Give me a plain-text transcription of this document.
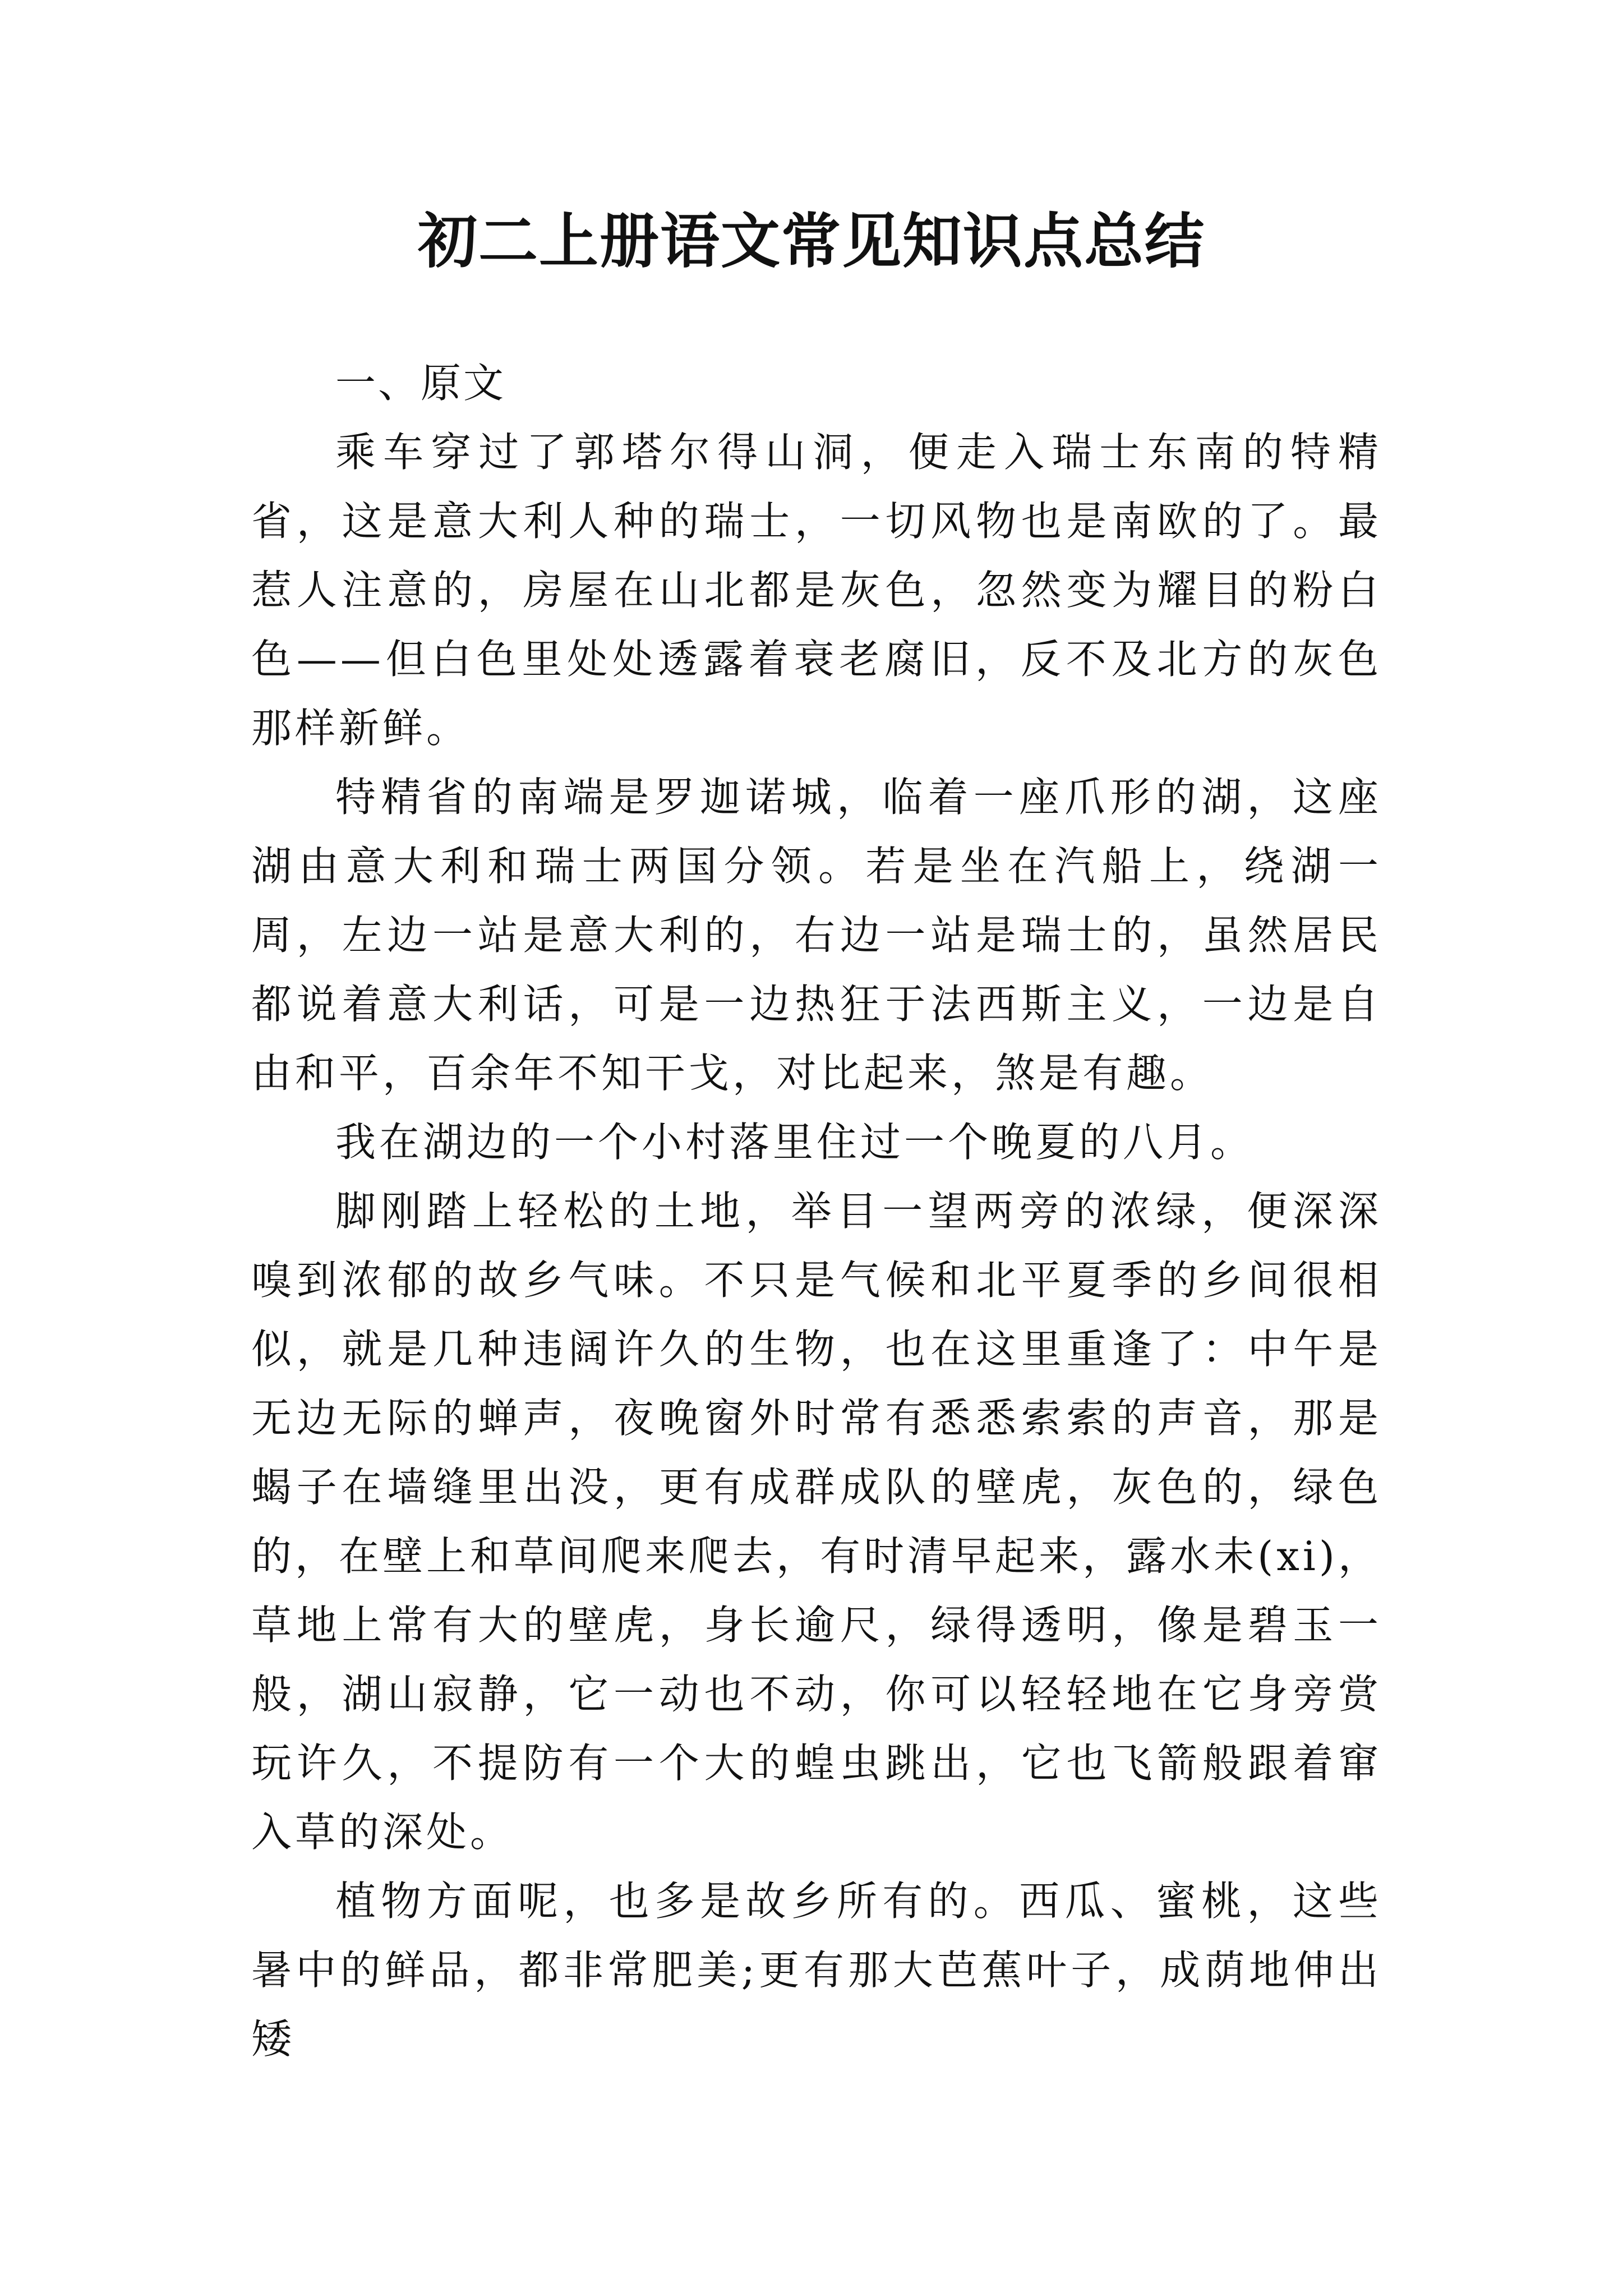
初二上册语文常见知识点总结

一、原文

乘车穿过了郭塔尔得山洞，便走入瑞士东南的特精省，这是意大利人种的瑞士，一切风物也是南欧的了。最惹人注意的，房屋在山北都是灰色，忽然变为耀目的粉白色——但白色里处处透露着衰老腐旧，反不及北方的灰色那样新鲜。

特精省的南端是罗迦诺城，临着一座爪形的湖，这座湖由意大利和瑞士两国分领。若是坐在汽船上，绕湖一周，左边一站是意大利的，右边一站是瑞士的，虽然居民都说着意大利话，可是一边热狂于法西斯主义，一边是自由和平，百余年不知干戈，对比起来，煞是有趣。

我在湖边的一个小村落里住过一个晚夏的八月。

脚刚踏上轻松的土地，举目一望两旁的浓绿，便深深嗅到浓郁的故乡气味。不只是气候和北平夏季的乡间很相似，就是几种违阔许久的生物，也在这里重逢了：中午是无边无际的蝉声，夜晚窗外时常有悉悉索索的声音，那是蝎子在墙缝里出没，更有成群成队的壁虎，灰色的，绿色的，在壁上和草间爬来爬去，有时清早起来，露水未(xi)，草地上常有大的壁虎，身长逾尺，绿得透明，像是碧玉一般，湖山寂静，它一动也不动，你可以轻轻地在它身旁赏玩许久，不提防有一个大的蝗虫跳出，它也飞箭般跟着窜入草的深处。

植物方面呢，也多是故乡所有的。西瓜、蜜桃，这些暑中的鲜品，都非常肥美;更有那大芭蕉叶子，成荫地伸出矮
